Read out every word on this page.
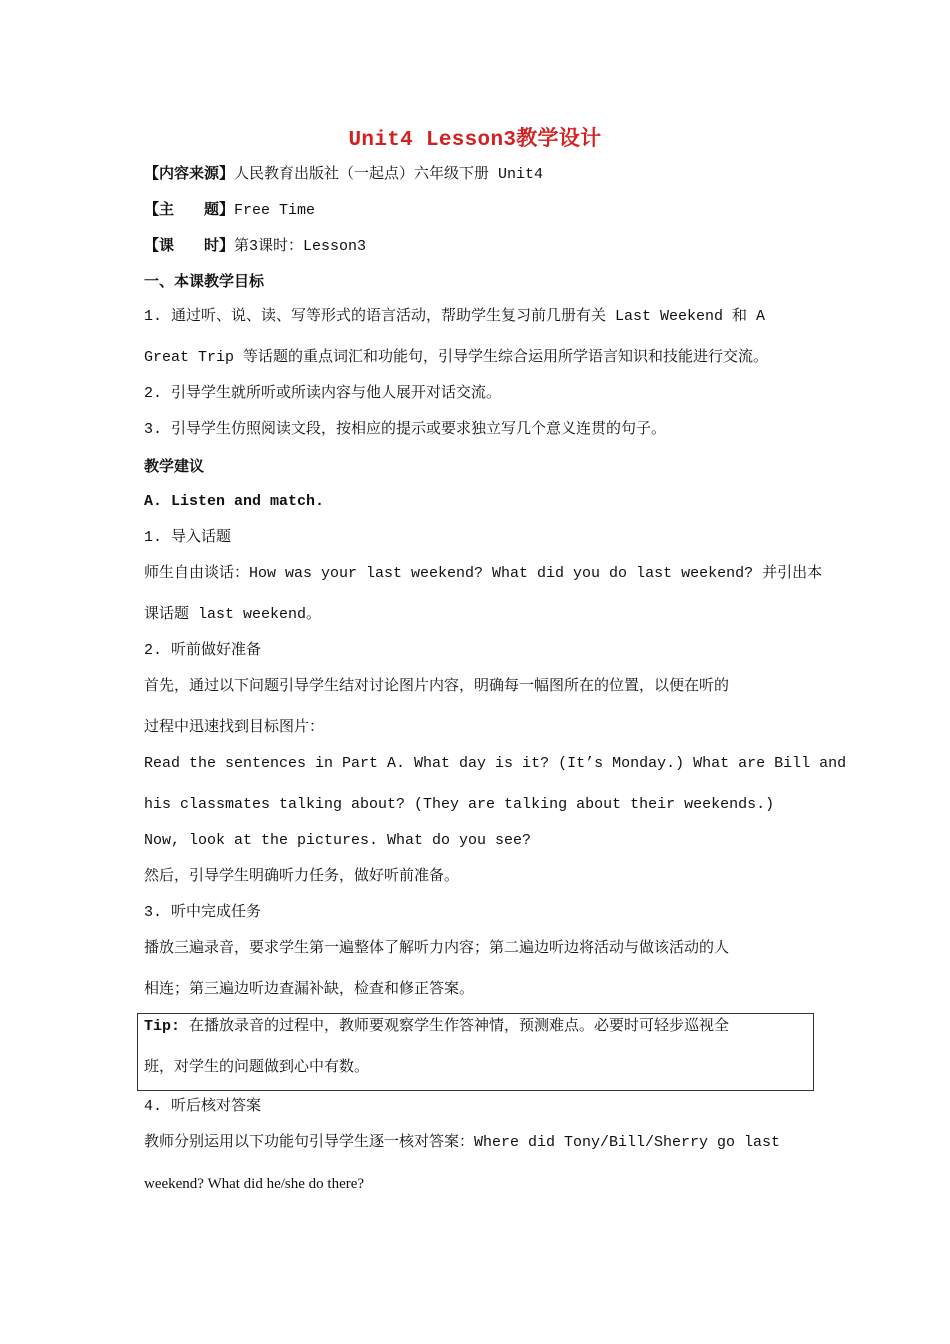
Unit4 Lesson3教学设计
【内容来源】人民教育出版社（一起点）六年级下册 Unit4
【主　　题】Free Time
【课　　时】第3课时：Lesson3
一、本课教学目标
1. 通过听、说、读、写等形式的语言活动，帮助学生复习前几册有关 Last Weekend 和 A
Great Trip 等话题的重点词汇和功能句，引导学生综合运用所学语言知识和技能进行交流。
2. 引导学生就所听或所读内容与他人展开对话交流。
3. 引导学生仿照阅读文段，按相应的提示或要求独立写几个意义连贯的句子。
教学建议
A. Listen and match.
1. 导入话题
师生自由谈话：How was your last weekend? What did you do last weekend? 并引出本
课话题 last weekend。
2. 听前做好准备
首先，通过以下问题引导学生结对讨论图片内容，明确每一幅图所在的位置，以便在听的
过程中迅速找到目标图片：
Read the sentences in Part A. What day is it? (It’s Monday.) What are Bill and
his classmates talking about? (They are talking about their weekends.)
Now, look at the pictures. What do you see?
然后，引导学生明确听力任务，做好听前准备。
3. 听中完成任务
播放三遍录音，要求学生第一遍整体了解听力内容；第二遍边听边将活动与做该活动的人
相连；第三遍边听边查漏补缺，检查和修正答案。
Tip: 在播放录音的过程中，教师要观察学生作答神情，预测难点。必要时可轻步巡视全
班，对学生的问题做到心中有数。
4. 听后核对答案
教师分别运用以下功能句引导学生逐一核对答案：Where did Tony/Bill/Sherry go last
weekend? What did he/she do there?
